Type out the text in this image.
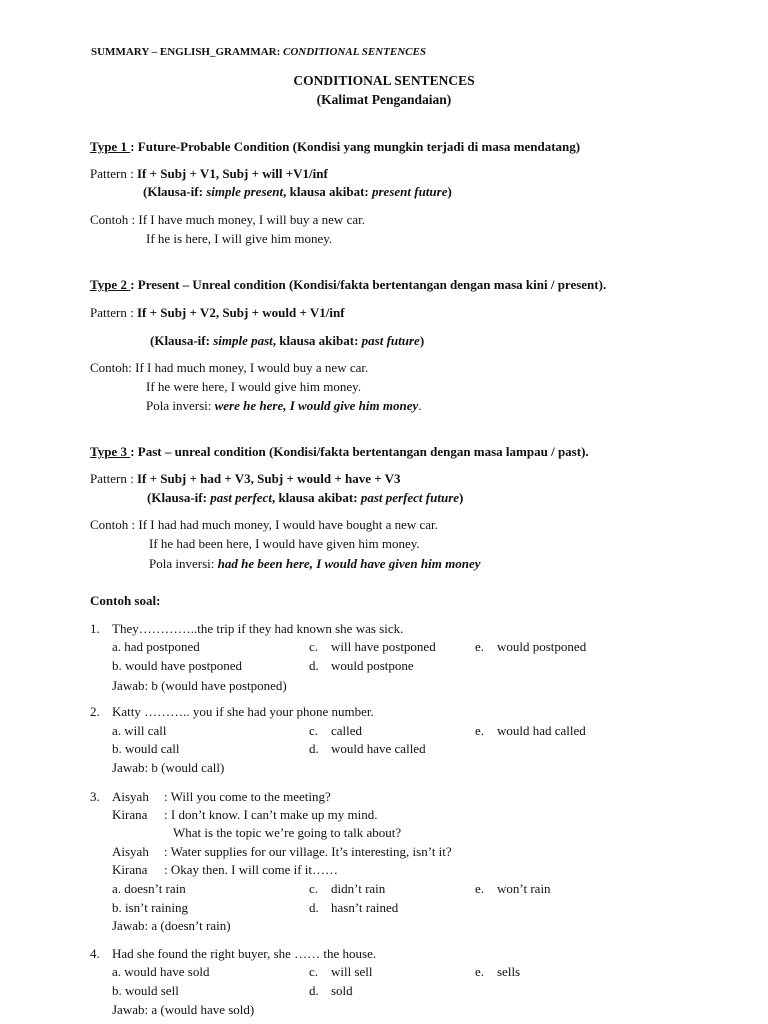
SUMMARY – ENGLISH_GRAMMAR: CONDITIONAL SENTENCES
CONDITIONAL SENTENCES
(Kalimat Pengandaian)
Type 1 : Future-Probable Condition (Kondisi yang mungkin terjadi di masa mendatang)
Pattern : If + Subj + V1, Subj + will +V1/inf
(Klausa-if: simple present, klausa akibat: present future)
Contoh : If I have much money, I will buy a new car.
If he is here, I will give him money.
Type 2 : Present – Unreal condition (Kondisi/fakta bertentangan dengan masa kini / present).
Pattern : If + Subj + V2, Subj + would + V1/inf
(Klausa-if: simple past, klausa akibat: past future)
Contoh: If I had much money, I would buy a new car.
If he were here, I would give him money.
Pola inversi: were he here, I would give him money.
Type 3 : Past – unreal condition (Kondisi/fakta bertentangan dengan masa lampau / past).
Pattern : If + Subj + had + V3, Subj + would + have + V3
(Klausa-if: past perfect, klausa akibat: past perfect future)
Contoh : If I had had much money, I would have bought a new car.
If he had been here, I would have given him money.
Pola inversi: had he been here, I would have given him money
Contoh soal:
1. They…………..the trip if they had known she was sick.
a. had postponed	c. will have postponed	e. would postponed
b. would have postponed	d. would postpone
Jawab: b (would have postponed)
2. Katty ……….. you if she had your phone number.
a. will call	c. called	e. would had called
b. would call	d. would have called
Jawab: b (would call)
3. Aisyah : Will you come to the meeting?
Kirana : I don’t know. I can’t make up my mind.
What is the topic we’re going to talk about?
Aisyah : Water supplies for our village. It’s interesting, isn’t it?
Kirana : Okay then. I will come if it……
a. doesn’t rain	c. didn’t rain	e. won’t rain
b. isn’t raining	d. hasn’t rained
Jawab: a (doesn’t rain)
4. Had she found the right buyer, she …… the house.
a. would have sold	c. will sell	e. sells
b. would sell	d. sold
Jawab: a (would have sold)
